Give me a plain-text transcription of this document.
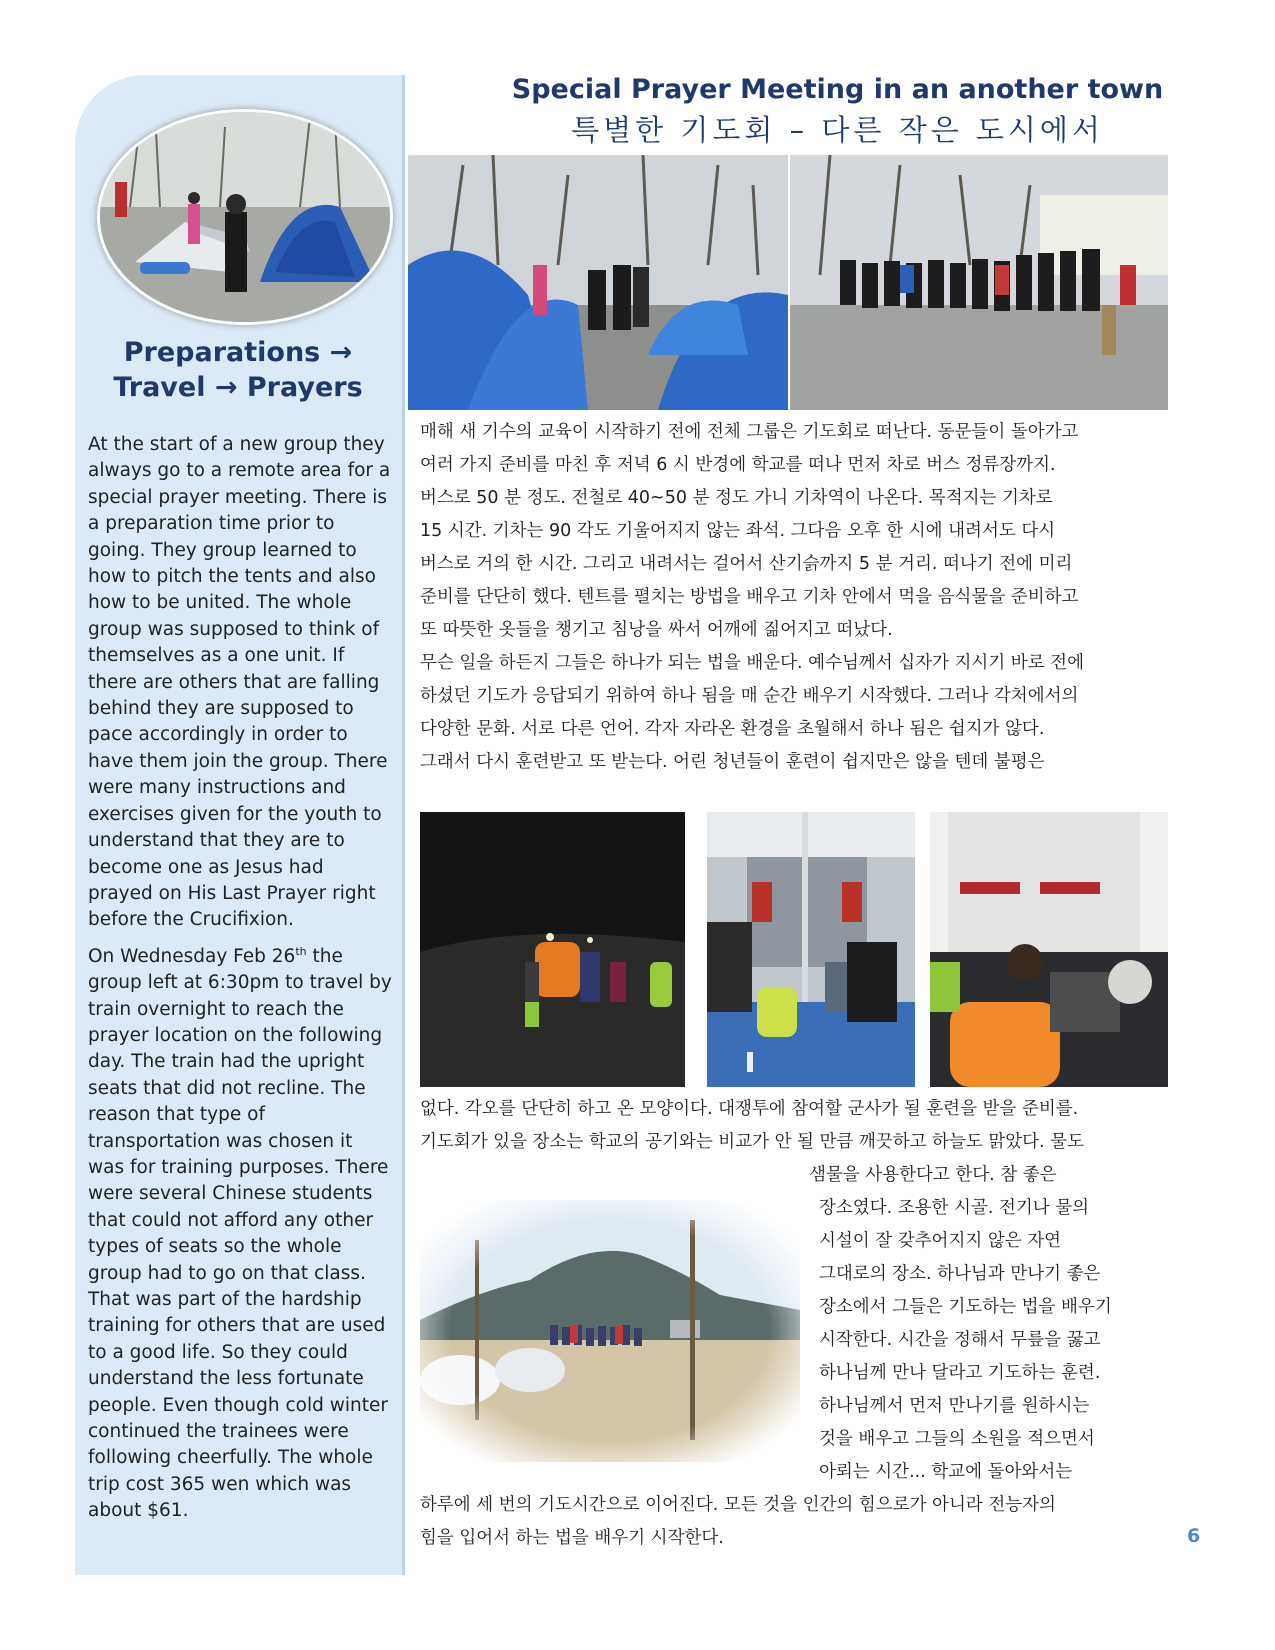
Preparations →
Travel → Prayers

At the start of a new group they always go to a remote area for a special prayer meeting. There is a preparation time prior to going. They group learned to how to pitch the tents and also how to be united. The whole group was supposed to think of themselves as a one unit. If there are others that are falling behind they are supposed to pace accordingly in order to have them join the group. There were many instructions and exercises given for the youth to understand that they are to become one as Jesus had prayed on His Last Prayer right before the Crucifixion.

On Wednesday Feb 26th the group left at 6:30pm to travel by train overnight to reach the prayer location on the following day. The train had the upright seats that did not recline. The reason that type of transportation was chosen it was for training purposes. There were several Chinese students that could not afford any other types of seats so the whole group had to go on that class. That was part of the hardship training for others that are used to a good life. So they could understand the less fortunate people. Even though cold winter continued the trainees were following cheerfully. The whole trip cost 365 wen which was about $61.

Special Prayer Meeting in an another town
특별한 기도회 – 다른 작은 도시에서
매해 새 기수의 교육이 시작하기 전에 전체 그룹은 기도회로 떠난다. 동문들이 돌아가고
여러 가지 준비를 마친 후 저녁 6 시 반경에 학교를 떠나 먼저 차로 버스 정류장까지.
버스로 50 분 정도. 전철로 40~50 분 정도 가니 기차역이 나온다. 목적지는 기차로
15 시간. 기차는 90 각도 기울어지지 않는 좌석. 그다음 오후 한 시에 내려서도 다시
버스로 거의 한 시간. 그리고 내려서는 걸어서 산기슭까지 5 분 거리. 떠나기 전에 미리
준비를 단단히 했다. 텐트를 펼치는 방법을 배우고 기차 안에서 먹을 음식물을 준비하고
또 따뜻한 옷들을 챙기고 침낭을 싸서 어깨에 짊어지고 떠났다.
무슨 일을 하든지 그들은 하나가 되는 법을 배운다. 예수님께서 십자가 지시기 바로 전에
하셨던 기도가 응답되기 위하여 하나 됨을 매 순간 배우기 시작했다. 그러나 각처에서의
다양한 문화. 서로 다른 언어. 각자 자라온 환경을 초월해서 하나 됨은 쉽지가 않다.
그래서 다시 훈련받고 또 받는다. 어린 청년들이 훈련이 쉽지만은 않을 텐데 불평은
없다. 각오를 단단히 하고 온 모양이다. 대쟁투에 참여할 군사가 될 훈련을 받을 준비를.
기도회가 있을 장소는 학교의 공기와는 비교가 안 될 만큼 깨끗하고 하늘도 맑았다. 물도
샘물을 사용한다고 한다. 참 좋은
장소였다. 조용한 시골. 전기나 물의
시설이 잘 갖추어지지 않은 자연
그대로의 장소. 하나님과 만나기 좋은
장소에서 그들은 기도하는 법을 배우기
시작한다. 시간을 정해서 무릎을 꿇고
하나님께 만나 달라고 기도하는 훈련.
하나님께서 먼저 만나기를 원하시는
것을 배우고 그들의 소원을 적으면서
아뢰는 시간... 학교에 돌아와서는
하루에 세 번의 기도시간으로 이어진다. 모든 것을 인간의 힘으로가 아니라 전능자의
힘을 입어서 하는 법을 배우기 시작한다.	6
